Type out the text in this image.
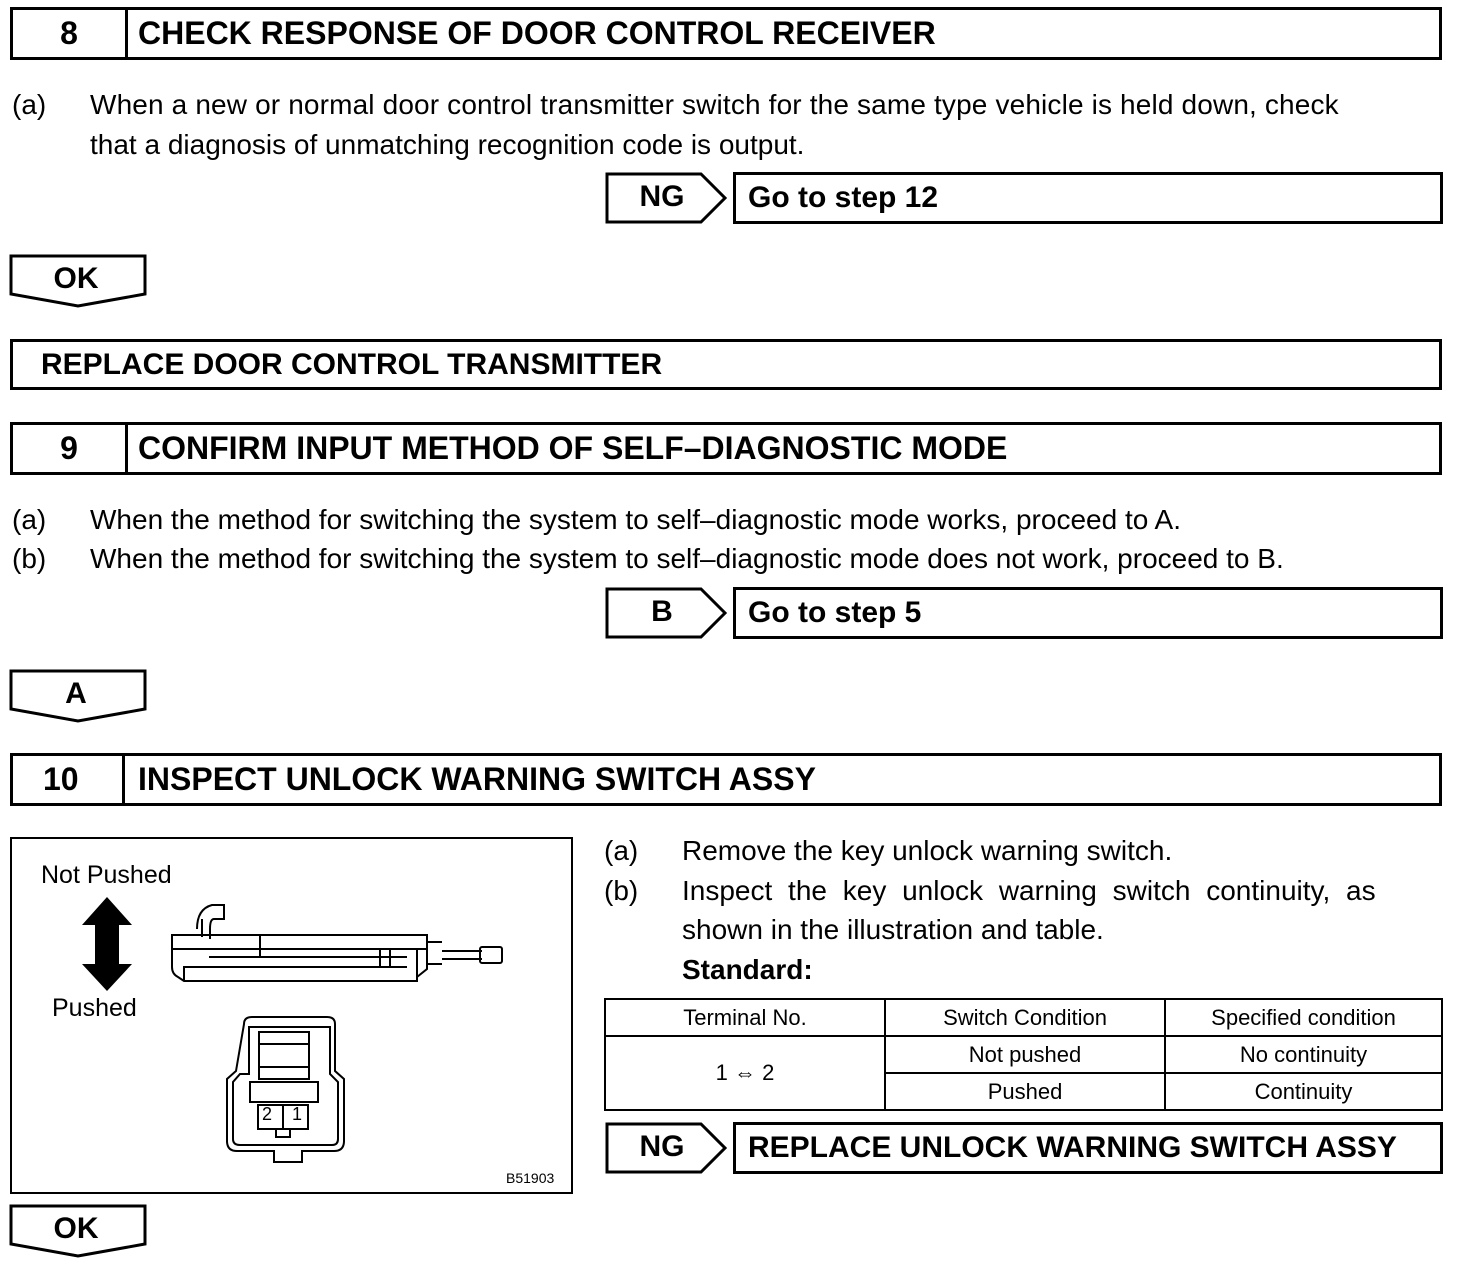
8	CHECK RESPONSE OF DOOR CONTROL RECEIVER
(a) When a new or normal door control transmitter switch for the same type vehicle is held down, check
that a diagnosis of unmatching recognition code is output.
NG	Go to step 12
OK
REPLACE DOOR CONTROL TRANSMITTER
9	CONFIRM INPUT METHOD OF SELF–DIAGNOSTIC MODE
(a) When the method for switching the system to self–diagnostic mode works, proceed to A.
(b) When the method for switching the system to self–diagnostic mode does not work, proceed to B.
B	Go to step 5
A
10	INSPECT UNLOCK WARNING SWITCH ASSY
Not Pushed
Pushed
B51903
2 1
(a) Remove the key unlock warning switch.
(b) Inspect the key unlock warning switch continuity, as
shown in the illustration and table.
Standard:
Terminal No.	Switch Condition	Specified condition
1 ⇔ 2	Not pushed	No continuity
	Pushed	Continuity
NG	REPLACE UNLOCK WARNING SWITCH ASSY
OK
